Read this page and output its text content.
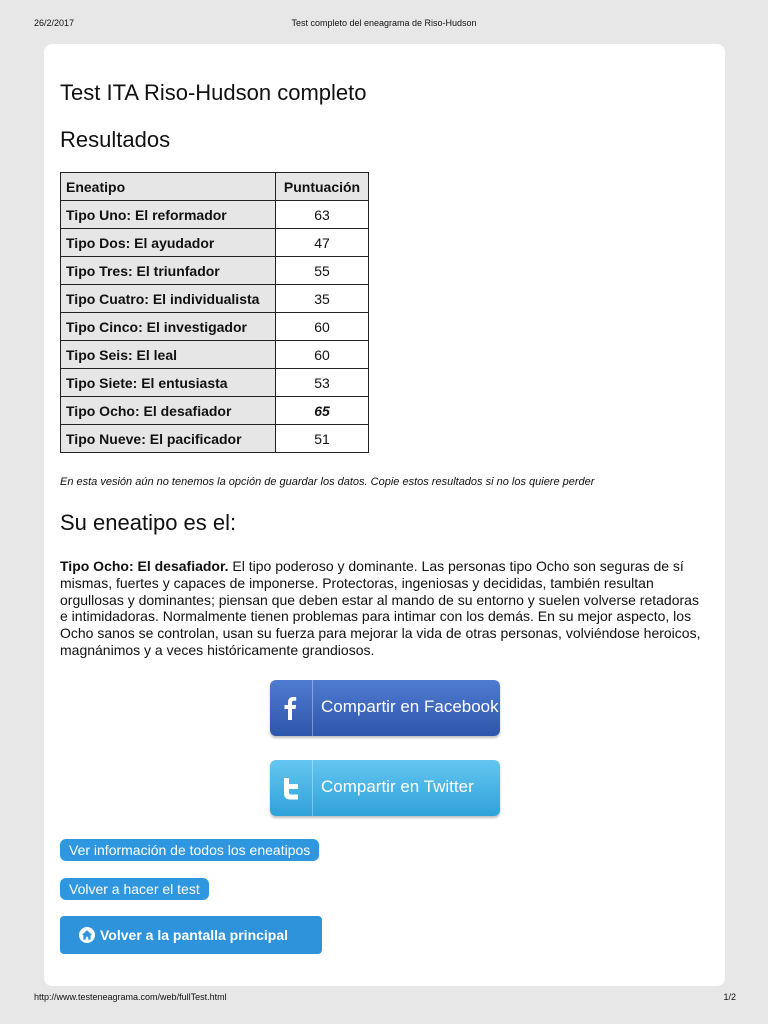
26/2/2017	Test completo del eneagrama de Riso-Hudson
Test ITA Riso-Hudson completo
Resultados
Eneatipo	Puntuación
Tipo Uno: El reformador	63
Tipo Dos: El ayudador	47
Tipo Tres: El triunfador	55
Tipo Cuatro: El individualista	35
Tipo Cinco: El investigador	60
Tipo Seis: El leal	60
Tipo Siete: El entusiasta	53
Tipo Ocho: El desafiador	65
Tipo Nueve: El pacificador	51
En esta vesión aún no tenemos la opción de guardar los datos. Copie estos resultados si no los quiere perder
Su eneatipo es el:
Tipo Ocho: El desafiador. El tipo poderoso y dominante. Las personas tipo Ocho son seguras de sí mismas, fuertes y capaces de imponerse. Protectoras, ingeniosas y decididas, también resultan orgullosas y dominantes; piensan que deben estar al mando de su entorno y suelen volverse retadoras e intimidadoras. Normalmente tienen problemas para intimar con los demás. En su mejor aspecto, los Ocho sanos se controlan, usan su fuerza para mejorar la vida de otras personas, volviéndose heroicos, magnánimos y a veces históricamente grandiosos.
Compartir en Facebook
Compartir en Twitter
Ver información de todos los eneatipos
Volver a hacer el test
Volver a la pantalla principal
http://www.testeneagrama.com/web/fullTest.html	1/2
